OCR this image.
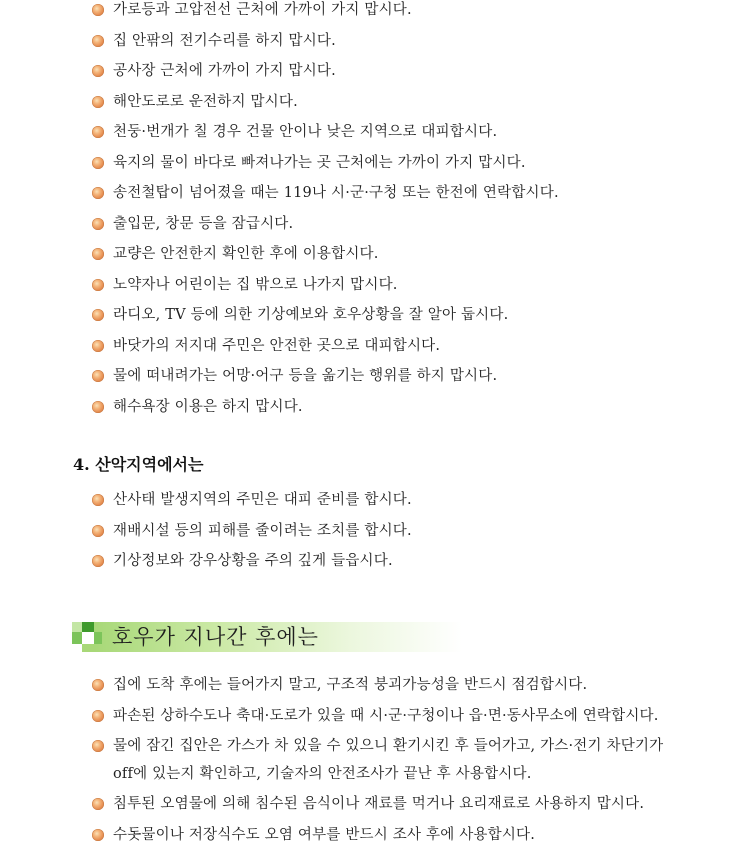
가로등과 고압전선 근처에 가까이 가지 맙시다.
집 안팎의 전기수리를 하지 맙시다.
공사장 근처에 가까이 가지 맙시다.
해안도로로 운전하지 맙시다.
천둥·번개가 칠 경우 건물 안이나 낮은 지역으로 대피합시다.
육지의 물이 바다로 빠져나가는 곳 근처에는 가까이 가지 맙시다.
송전철탑이 넘어졌을 때는 119나 시·군·구청 또는 한전에 연락합시다.
출입문, 창문 등을 잠급시다.
교량은 안전한지 확인한 후에 이용합시다.
노약자나 어린이는 집 밖으로 나가지 맙시다.
라디오, TV 등에 의한 기상예보와 호우상황을 잘 알아 둡시다.
바닷가의 저지대 주민은 안전한 곳으로 대피합시다.
물에 떠내려가는 어망·어구 등을 옮기는 행위를 하지 맙시다.
해수욕장 이용은 하지 맙시다.
4. 산악지역에서는
산사태 발생지역의 주민은 대피 준비를 합시다.
재배시설 등의 피해를 줄이려는 조치를 합시다.
기상정보와 강우상황을 주의 깊게 들읍시다.
호우가 지나간 후에는
집에 도착 후에는 들어가지 말고, 구조적 붕괴가능성을 반드시 점검합시다.
파손된 상하수도나 축대·도로가 있을 때 시·군·구청이나 읍·면·동사무소에 연락합시다.
물에 잠긴 집안은 가스가 차 있을 수 있으니 환기시킨 후 들어가고, 가스·전기 차단기가 off에 있는지 확인하고, 기술자의 안전조사가 끝난 후 사용합시다.
침투된 오염물에 의해 침수된 음식이나 재료를 먹거나 요리재료로 사용하지 맙시다.
수돗물이나 저장식수도 오염 여부를 반드시 조사 후에 사용합시다.
